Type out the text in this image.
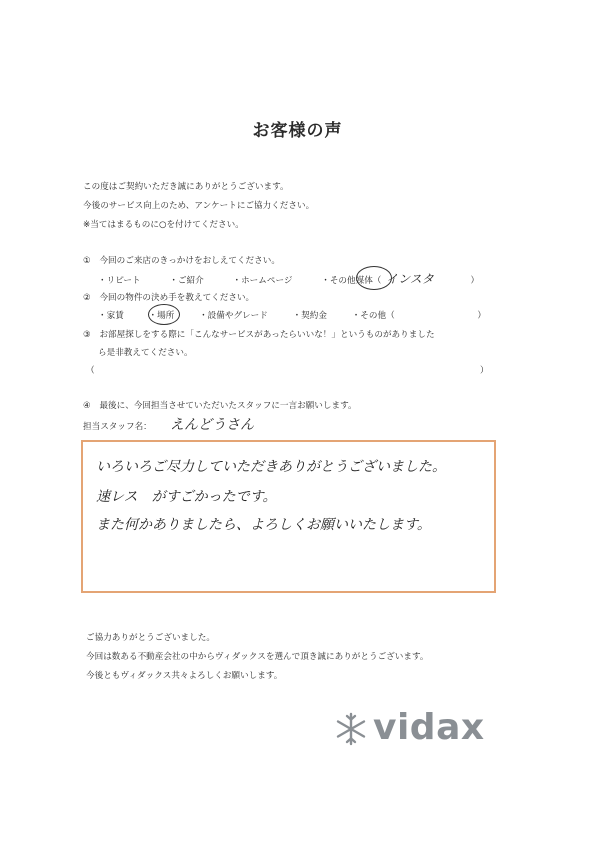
お客様の声
この度はご契約いただき誠にありがとうございます。
今後のサービス向上のため、アンケートにご協力ください。
※当てはまるものに○を付けてください。
① 今回のご来店のきっかけをおしえてください。
・リピート	・ご紹介	・ホームページ	・その他媒体（ インスタ	）
② 今回の物件の決め手を教えてください。
・家賃	・場所	・設備やグレード	・契約金	・その他（	）
③ お部屋探しをする際に「こんなサービスがあったらいいな！」というものがありました
ら是非教えてください。
（	）
④ 最後に、今回担当させていただいたスタッフに一言お願いします。
担当スタッフ名： えんどうさん
いろいろご尽力していただきありがとうございました。
速レス　がすごかったです。
また何かありましたら、よろしくお願いいたします。
ご協力ありがとうございました。
今回は数ある不動産会社の中からヴィダックスを選んで頂き誠にありがとうございます。
今後ともヴィダックス共々よろしくお願いします。
vidax
